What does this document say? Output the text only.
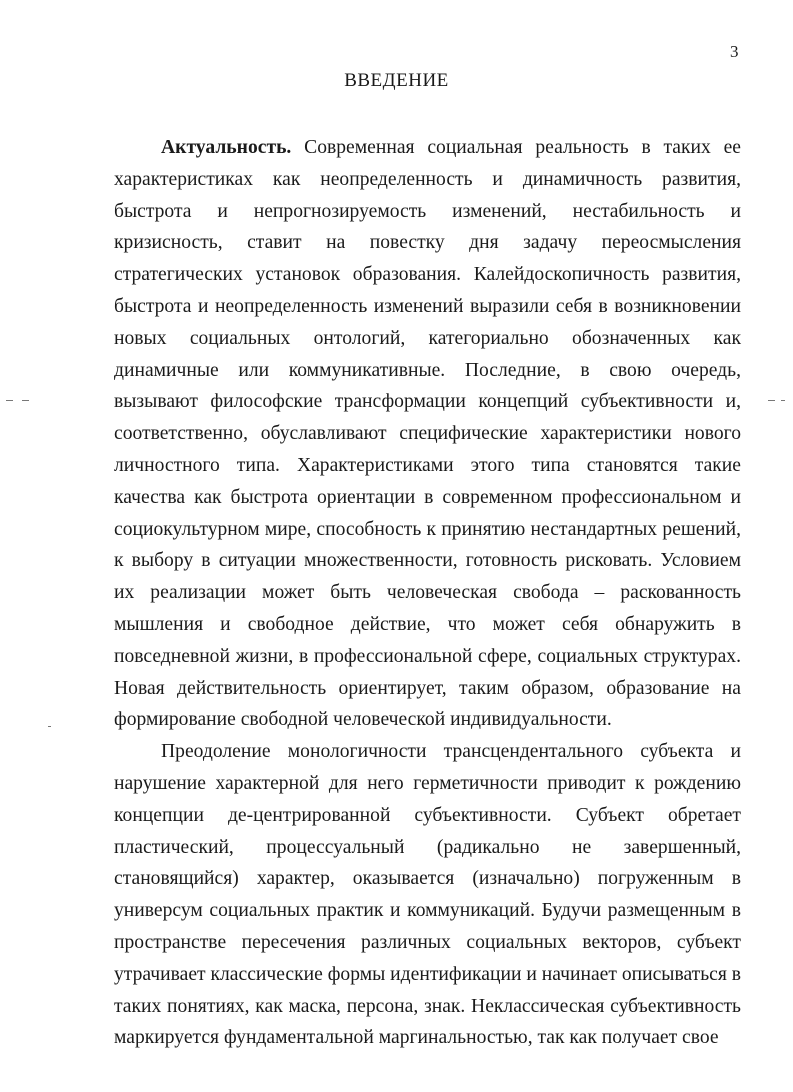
3
ВВЕДЕНИЕ

Актуальность. Современная социальная реальность в таких ее характеристиках как неопределенность и динамичность развития, быстрота и непрогнозируемость изменений, нестабильность и кризисность, ставит на повестку дня задачу переосмысления стратегических установок образования. Калейдоскопичность развития, быстрота и неопределенность изменений выразили себя в возникновении новых социальных онтологий, категориально обозначенных как динамичные или коммуникативные. Последние, в свою очередь, вызывают философские трансформации концепций субъективности и, соответственно, обуславливают специфические характеристики нового личностного типа. Характеристиками этого типа становятся такие качества как быстрота ориентации в современном профессиональном и социокультурном мире, способность к принятию нестандартных решений, к выбору в ситуации множественности, готовность рисковать. Условием их реализации может быть человеческая свобода – раскованность мышления и свободное действие, что может себя обнаружить в повседневной жизни, в профессиональной сфере, социальных структурах. Новая действительность ориентирует, таким образом, образование на формирование свободной человеческой индивидуальности.

Преодоление монологичности трансцендентального субъекта и нарушение характерной для него герметичности приводит к рождению концепции де-центрированной субъективности. Субъект обретает пластический, процессуальный (радикально не завершенный, становящийся) характер, оказывается (изначально) погруженным в универсум социальных практик и коммуникаций. Будучи размещенным в пространстве пересечения различных социальных векторов, субъект утрачивает классические формы идентификации и начинает описываться в таких понятиях, как маска, персона, знак. Неклассическая субъективность маркируется фундаментальной маргинальностью, так как получает свое
